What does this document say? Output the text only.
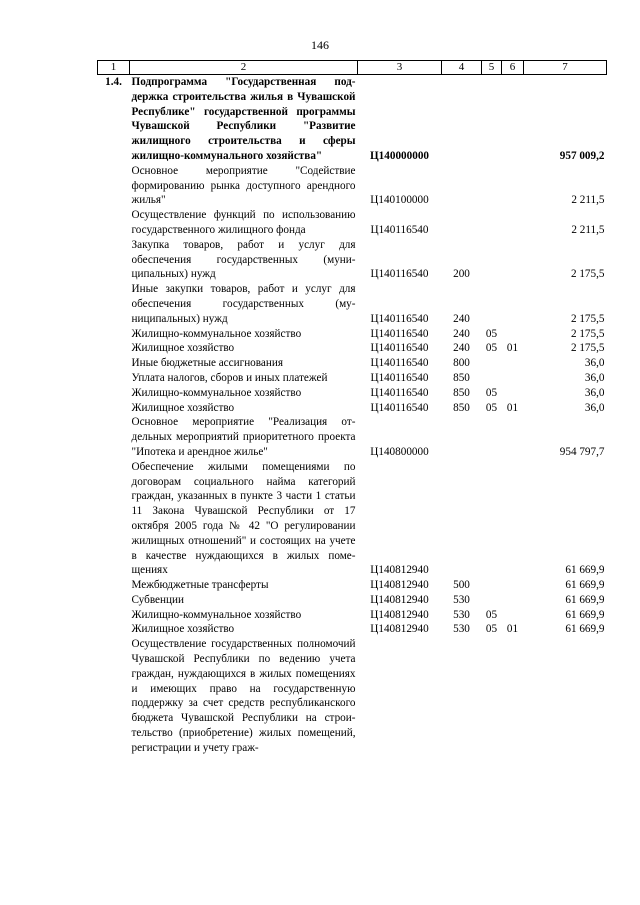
146
1	2	3	4	5	6	7
1.4.	Подпрограмма "Государственная поддержка строительства жилья в Чувашской Республике" государственной программы Чувашской Республики "Развитие жилищного строительства и сферы жилищно-коммунального хозяйства"	Ц140000000				957 009,2
	Основное мероприятие "Содействие формированию рынка доступного арендного жилья"	Ц140100000				2 211,5
	Осуществление функций по использованию государственного жилищного фонда	Ц140116540				2 211,5
	Закупка товаров, работ и услуг для обеспечения государственных (муниципальных) нужд	Ц140116540	200			2 175,5
	Иные закупки товаров, работ и услуг для обеспечения государственных (муниципальных) нужд	Ц140116540	240			2 175,5
	Жилищно-коммунальное хозяйство	Ц140116540	240	05		2 175,5
	Жилищное хозяйство	Ц140116540	240	05	01	2 175,5
	Иные бюджетные ассигнования	Ц140116540	800			36,0
	Уплата налогов, сборов и иных платежей	Ц140116540	850			36,0
	Жилищно-коммунальное хозяйство	Ц140116540	850	05		36,0
	Жилищное хозяйство	Ц140116540	850	05	01	36,0
	Основное мероприятие "Реализация отдельных мероприятий приоритетного проекта "Ипотека и арендное жилье"	Ц140800000				954 797,7
	Обеспечение жилыми помещениями по договорам социального найма категорий граждан, указанных в пункте 3 части 1 статьи 11 Закона Чувашской Республики от 17 октября 2005 года № 42 "О регулировании жилищных отношений" и состоящих на учете в качестве нуждающихся в жилых помещениях	Ц140812940				61 669,9
	Межбюджетные трансферты	Ц140812940	500			61 669,9
	Субвенции	Ц140812940	530			61 669,9
	Жилищно-коммунальное хозяйство	Ц140812940	530	05		61 669,9
	Жилищное хозяйство	Ц140812940	530	05	01	61 669,9
	Осуществление государственных полномочий Чувашской Республики по ведению учета граждан, нуждающихся в жилых помещениях и имеющих право на государственную поддержку за счет средств республиканского бюджета Чувашской Республики на строительство (приобретение) жилых помещений, регистрации и учету граж-					
